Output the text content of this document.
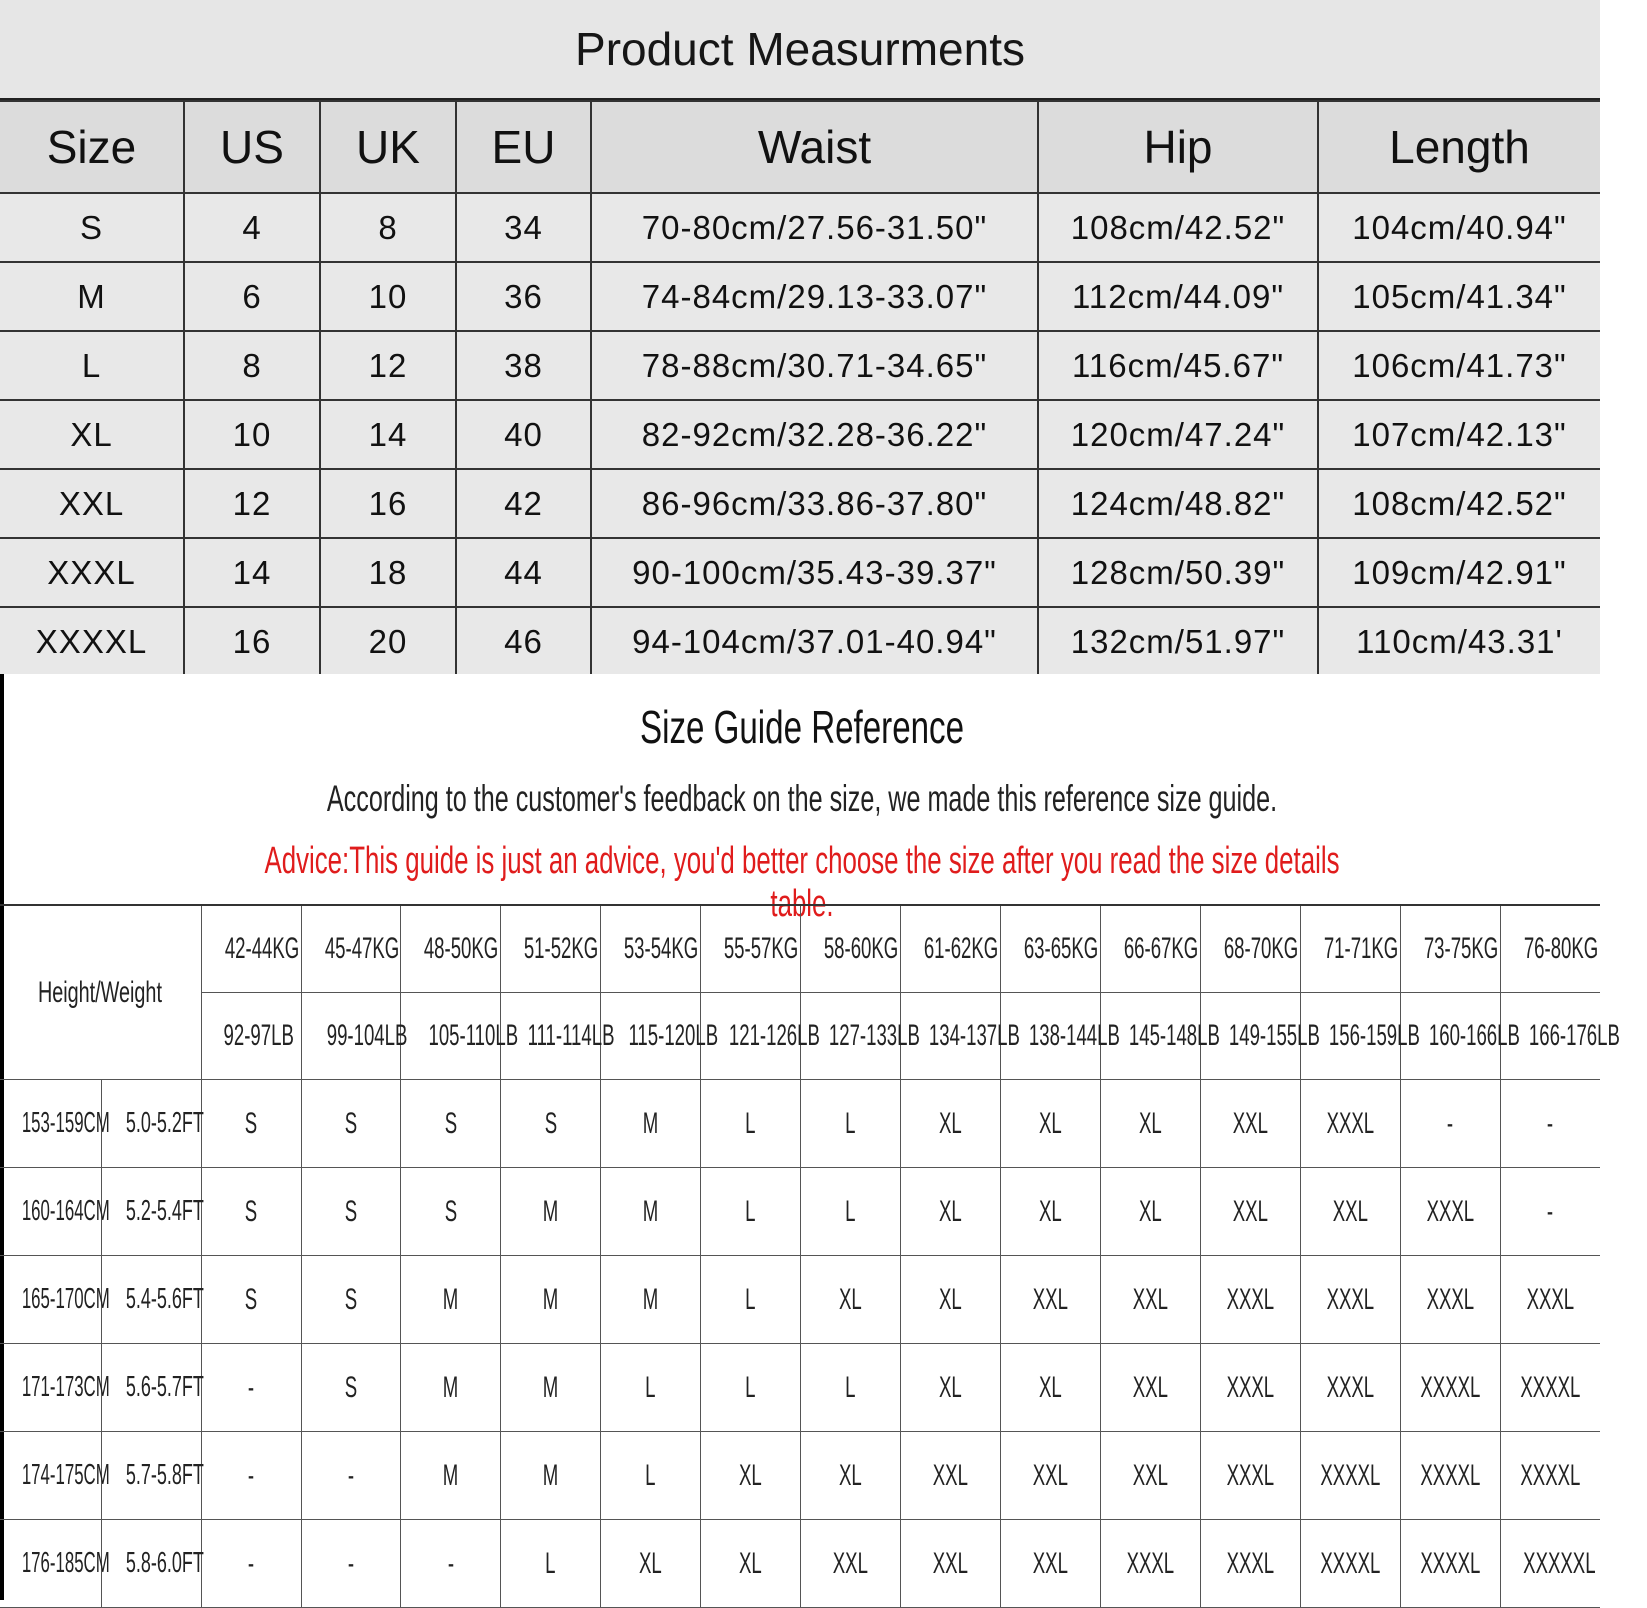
Product Measurments
Size	US	UK	EU	Waist	Hip	Length
S	4	8	34	70-80cm/27.56-31.50"	108cm/42.52"	104cm/40.94"
M	6	10	36	74-84cm/29.13-33.07"	112cm/44.09"	105cm/41.34"
L	8	12	38	78-88cm/30.71-34.65"	116cm/45.67"	106cm/41.73"
XL	10	14	40	82-92cm/32.28-36.22"	120cm/47.24"	107cm/42.13"
XXL	12	16	42	86-96cm/33.86-37.80"	124cm/48.82"	108cm/42.52"
XXXL	14	18	44	90-100cm/35.43-39.37"	128cm/50.39"	109cm/42.91"
XXXXL	16	20	46	94-104cm/37.01-40.94"	132cm/51.97"	110cm/43.31'
Size Guide Reference
According to the customer's feedback on the size, we made this reference size guide.
Advice:This guide is just an advice, you'd better choose the size after you read the size details table.
Height/Weight		42-44KG	45-47KG	48-50KG	51-52KG	53-54KG	55-57KG	58-60KG	61-62KG	63-65KG	66-67KG	68-70KG	71-71KG	73-75KG	76-80KG
		92-97LB	99-104LB	105-110LB	111-114LB	115-120LB	121-126LB	127-133LB	134-137LB	138-144LB	145-148LB	149-155LB	156-159LB	160-166LB	166-176LB
153-159CM	5.0-5.2FT	S	S	S	S	M	L	L	XL	XL	XL	XXL	XXXL	-	-
160-164CM	5.2-5.4FT	S	S	S	M	M	L	L	XL	XL	XL	XXL	XXL	XXXL	-
165-170CM	5.4-5.6FT	S	S	M	M	M	L	XL	XL	XXL	XXL	XXXL	XXXL	XXXL	XXXL
171-173CM	5.6-5.7FT	-	S	M	M	L	L	L	XL	XL	XXL	XXXL	XXXL	XXXXL	XXXXL
174-175CM	5.7-5.8FT	-	-	M	M	L	XL	XL	XXL	XXL	XXL	XXXL	XXXXL	XXXXL	XXXXL
176-185CM	5.8-6.0FT	-	-	-	L	XL	XL	XXL	XXL	XXL	XXXL	XXXL	XXXXL	XXXXL	XXXXXL
